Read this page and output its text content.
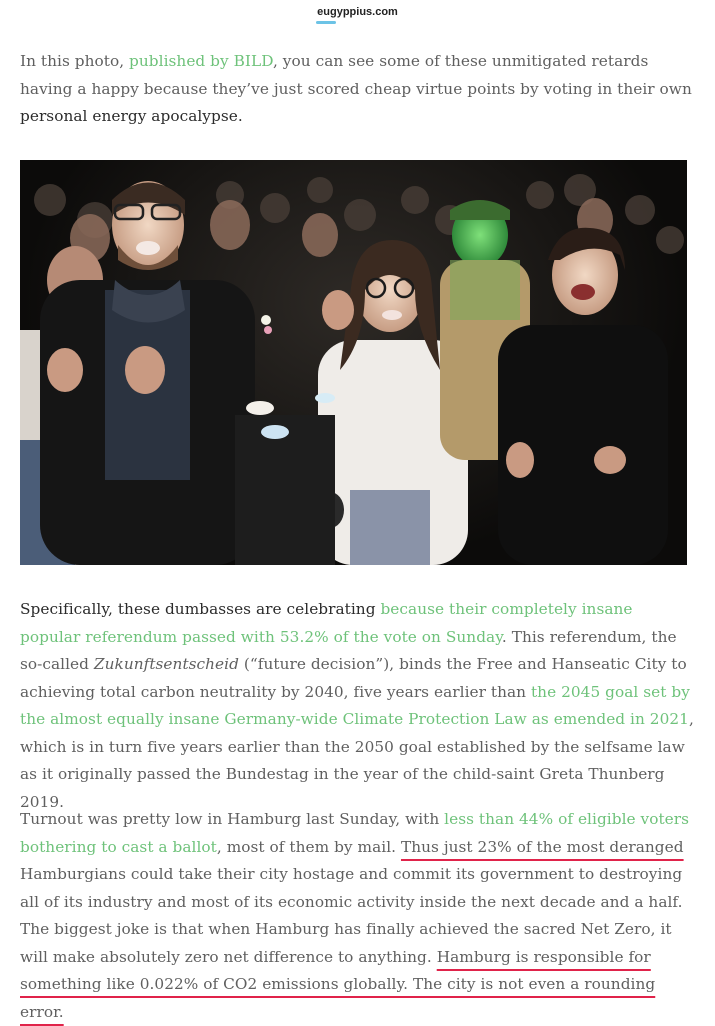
eugyppius.com

In this photo, published by BILD, you can see some of these unmitigated retards having a happy because they’ve just scored cheap virtue points by voting in their own personal energy apocalypse.

Specifically, these dumbasses are celebrating because their completely insane popular referendum passed with 53.2% of the vote on Sunday. This referendum, the so-called Zukunftsentscheid (“future decision”), binds the Free and Hanseatic City to achieving total carbon neutrality by 2040, five years earlier than the 2045 goal set by the almost equally insane Germany-wide Climate Protection Law as emended in 2021, which is in turn five years earlier than the 2050 goal established by the selfsame law as it originally passed the Bundestag in the year of the child-saint Greta Thunberg 2019.

Turnout was pretty low in Hamburg last Sunday, with less than 44% of eligible voters bothering to cast a ballot, most of them by mail. Thus just 23% of the most deranged Hamburgians could take their city hostage and commit its government to destroying all of its industry and most of its economic activity inside the next decade and a half. The biggest joke is that when Hamburg has finally achieved the sacred Net Zero, it will make absolutely zero net difference to anything. Hamburg is responsible for something like 0.022% of CO2 emissions globally. The city is not even a rounding error.
